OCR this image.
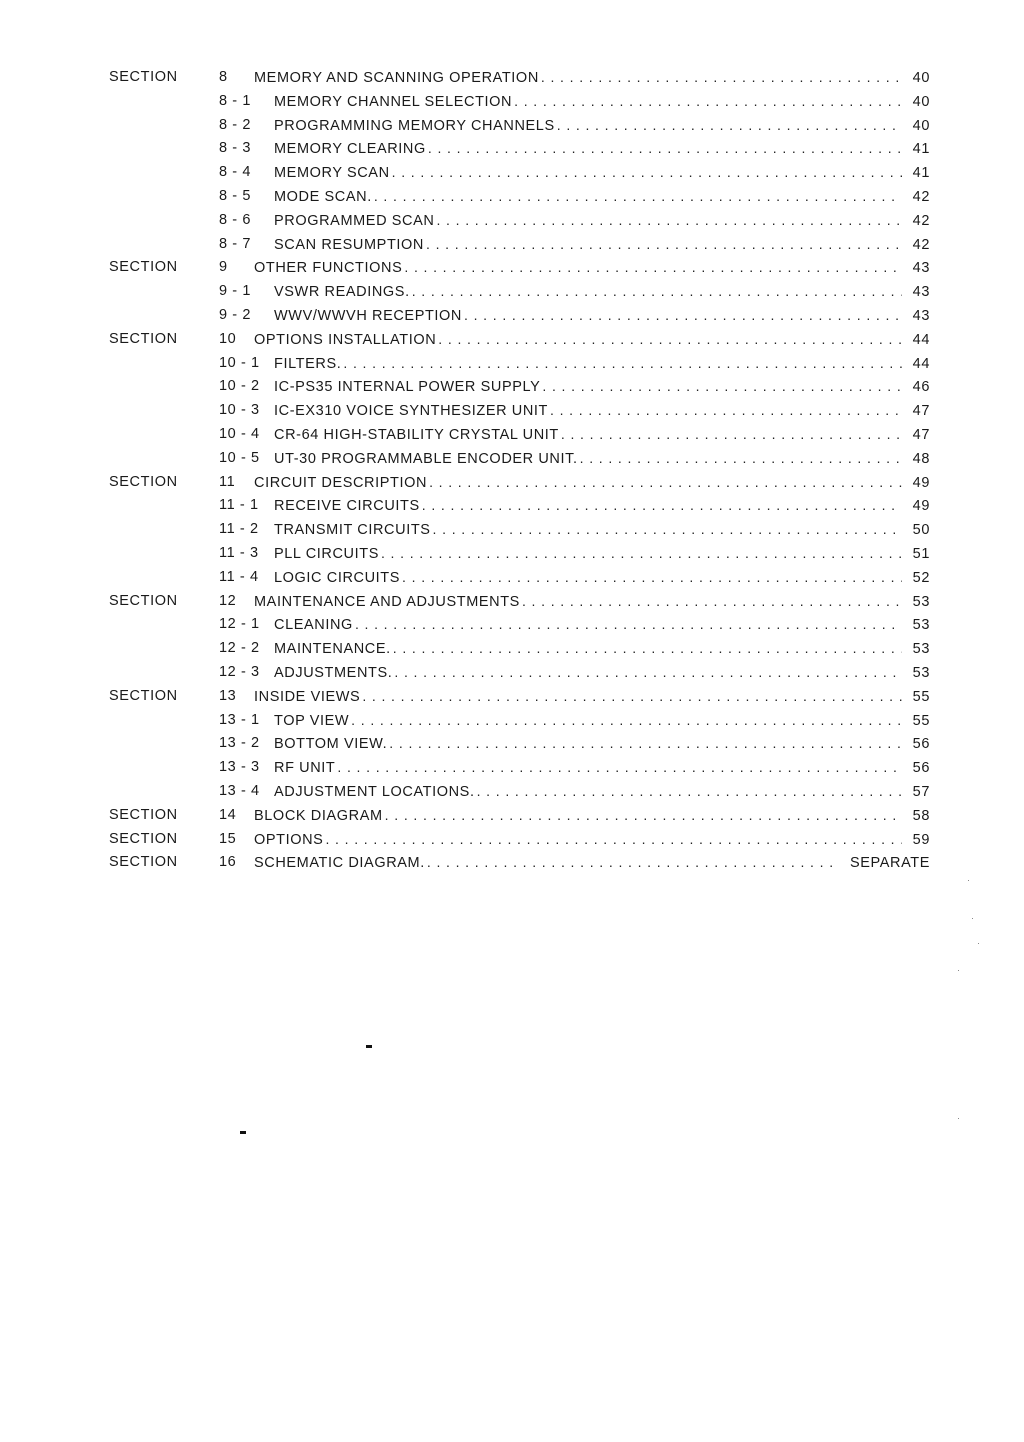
SECTION	8 MEMORY AND SCANNING OPERATION . . .	40
8 - 1 MEMORY CHANNEL SELECTION . . .	40
8 - 2 PROGRAMMING MEMORY CHANNELS . . .	40
8 - 3 MEMORY CLEARING . . .	41
8 - 4 MEMORY SCAN . . .	41
8 - 5 MODE SCAN. . . .	42
8 - 6 PROGRAMMED SCAN . . .	42
8 - 7 SCAN RESUMPTION . . .	42
SECTION	9 OTHER FUNCTIONS . . .	43
9 - 1 VSWR READINGS. . . .	43
9 - 2 WWV/WWVH RECEPTION . . .	43
SECTION	10 OPTIONS INSTALLATION . . .	44
10 - 1 FILTERS. . . .	44
10 - 2 IC-PS35 INTERNAL POWER SUPPLY . . .	46
10 - 3 IC-EX310 VOICE SYNTHESIZER UNIT . . .	47
10 - 4 CR-64 HIGH-STABILITY CRYSTAL UNIT . . .	47
10 - 5 UT-30 PROGRAMMABLE ENCODER UNIT. . . .	48
SECTION	11 CIRCUIT DESCRIPTION . . .	49
11 - 1 RECEIVE CIRCUITS . . .	49
11 - 2 TRANSMIT CIRCUITS . . .	50
11 - 3 PLL CIRCUITS . . .	51
11 - 4 LOGIC CIRCUITS . . .	52
SECTION	12 MAINTENANCE AND ADJUSTMENTS . . .	53
12 - 1 CLEANING . . .	53
12 - 2 MAINTENANCE. . . .	53
12 - 3 ADJUSTMENTS. . . .	53
SECTION	13 INSIDE VIEWS . . .	55
13 - 1 TOP VIEW . . .	55
13 - 2 BOTTOM VIEW. . . .	56
13 - 3 RF UNIT . . .	56
13 - 4 ADJUSTMENT LOCATIONS. . . .	57
SECTION	14 BLOCK DIAGRAM . . .	58
SECTION	15 OPTIONS . . .	59
SECTION	16 SCHEMATIC DIAGRAM. . . .	SEPARATE
